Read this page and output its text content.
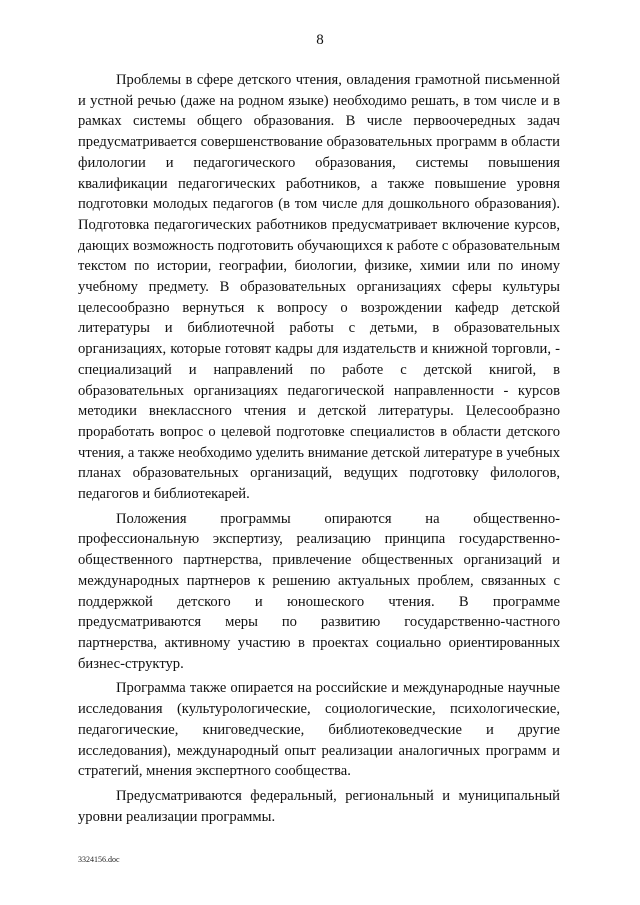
8

Проблемы в сфере детского чтения, овладения грамотной письменной и устной речью (даже на родном языке) необходимо решать, в том числе и в рамках системы общего образования. В числе первоочередных задач предусматривается совершенствование образовательных программ в области филологии и педагогического образования, системы повышения квалификации педагогических работников, а также повышение уровня подготовки молодых педагогов (в том числе для дошкольного образования). Подготовка педагогических работников предусматривает включение курсов, дающих возможность подготовить обучающихся к работе с образовательным текстом по истории, географии, биологии, физике, химии или по иному учебному предмету. В образовательных организациях сферы культуры целесообразно вернуться к вопросу о возрождении кафедр детской литературы и библиотечной работы с детьми, в образовательных организациях, которые готовят кадры для издательств и книжной торговли, - специализаций и направлений по работе с детской книгой, в образовательных организациях педагогической направленности - курсов методики внеклассного чтения и детской литературы. Целесообразно проработать вопрос о целевой подготовке специалистов в области детского чтения, а также необходимо уделить внимание детской литературе в учебных планах образовательных организаций, ведущих подготовку филологов, педагогов и библиотекарей.

Положения программы опираются на общественно-профессиональную экспертизу, реализацию принципа государственно-общественного партнерства, привлечение общественных организаций и международных партнеров к решению актуальных проблем, связанных с поддержкой детского и юношеского чтения. В программе предусматриваются меры по развитию государственно-частного партнерства, активному участию в проектах социально ориентированных бизнес-структур.

Программа также опирается на российские и международные научные исследования (культурологические, социологические, психологические, педагогические, книговедческие, библиотековедческие и другие исследования), международный опыт реализации аналогичных программ и стратегий, мнения экспертного сообщества.

Предусматриваются федеральный, региональный и муниципальный уровни реализации программы.

3324156.doc
